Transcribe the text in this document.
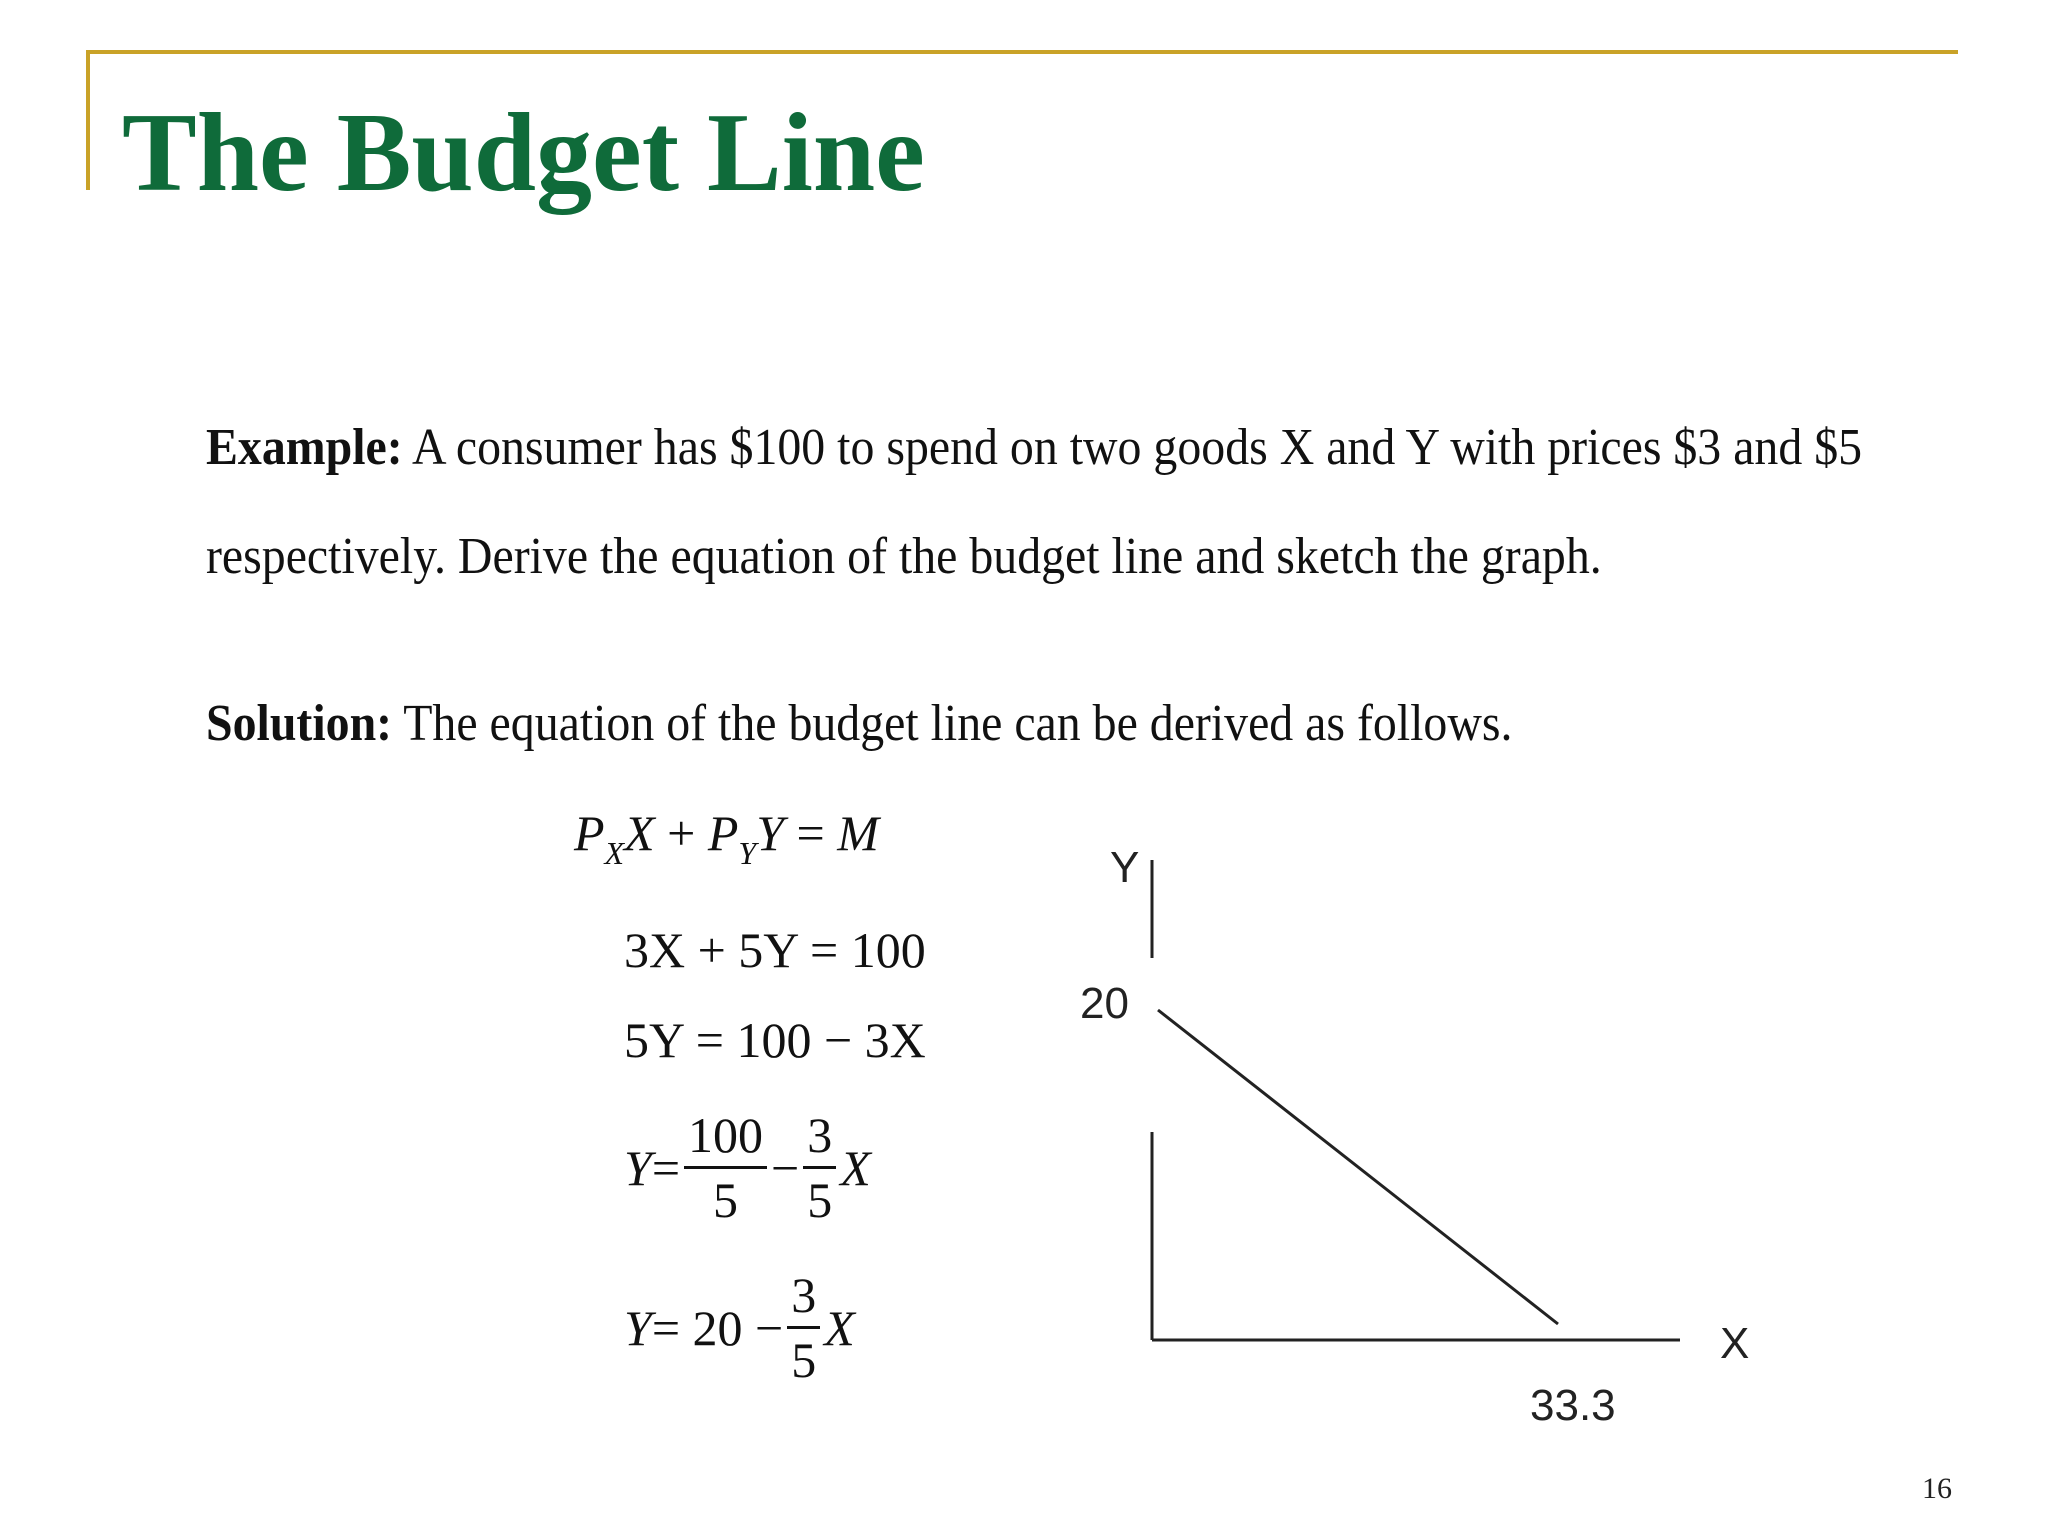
The Budget Line
Example: A consumer has $100 to spend on two goods X and Y with prices $3 and $5
respectively. Derive the equation of the budget line and sketch the graph.
Solution: The equation of the budget line can be derived as follows.
$P_XX + P_YY = M$
3X + 5Y = 100
5Y = 100 − 3X
$Y = \frac{100}{5} - \frac{3}{5}$ X
$Y = 20 - \frac{3}{5}$ X
Y
X
20
33.3
16
